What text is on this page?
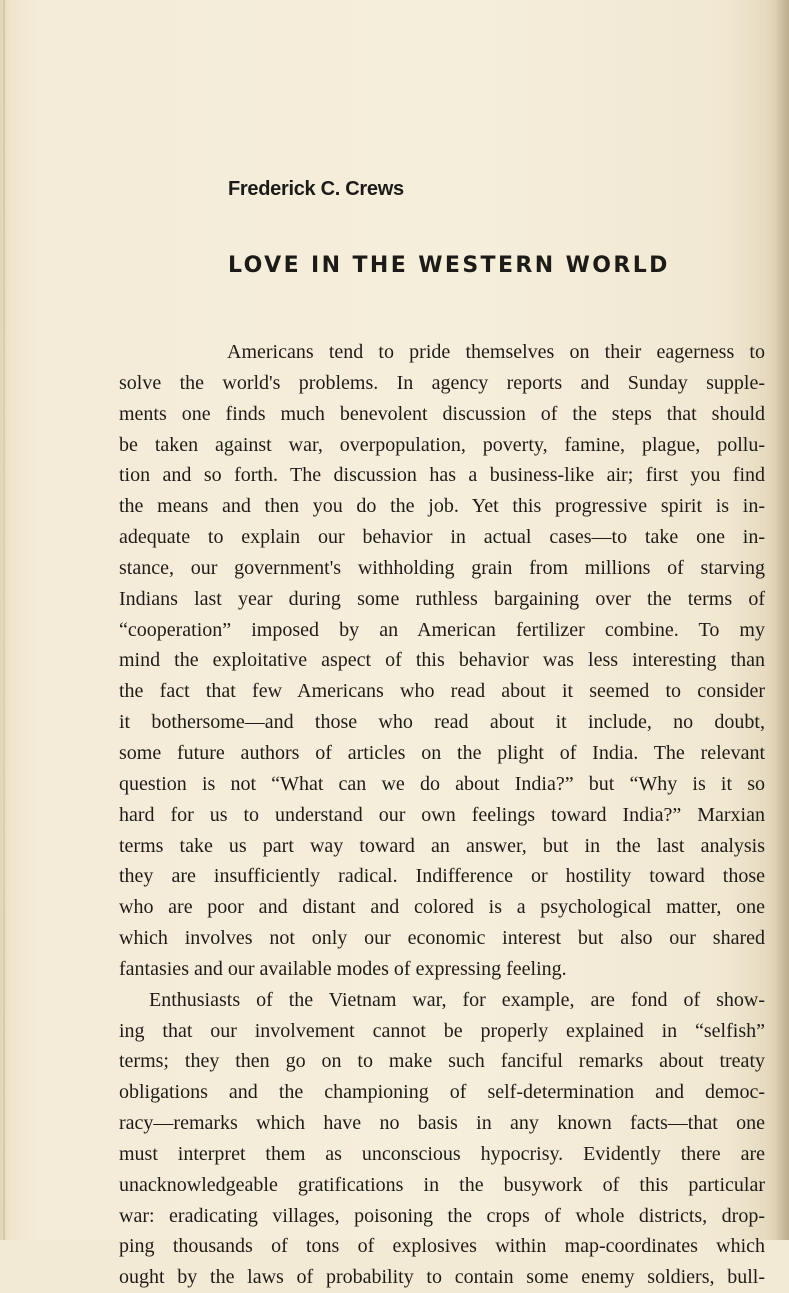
Frederick C. Crews
LOVE IN THE WESTERN WORLD
Americans tend to pride themselves on their eagerness to
solve the world's problems. In agency reports and Sunday supple-
ments one finds much benevolent discussion of the steps that should
be taken against war, overpopulation, poverty, famine, plague, pollu-
tion and so forth. The discussion has a business-like air; first you find
the means and then you do the job. Yet this progressive spirit is in-
adequate to explain our behavior in actual cases—to take one in-
stance, our government's withholding grain from millions of starving
Indians last year during some ruthless bargaining over the terms of
“cooperation” imposed by an American fertilizer combine. To my
mind the exploitative aspect of this behavior was less interesting than
the fact that few Americans who read about it seemed to consider
it bothersome—and those who read about it include, no doubt,
some future authors of articles on the plight of India. The relevant
question is not “What can we do about India?” but “Why is it so
hard for us to understand our own feelings toward India?” Marxian
terms take us part way toward an answer, but in the last analysis
they are insufficiently radical. Indifference or hostility toward those
who are poor and distant and colored is a psychological matter, one
which involves not only our economic interest but also our shared
fantasies and our available modes of expressing feeling.
Enthusiasts of the Vietnam war, for example, are fond of show-
ing that our involvement cannot be properly explained in “selfish”
terms; they then go on to make such fanciful remarks about treaty
obligations and the championing of self-determination and democ-
racy—remarks which have no basis in any known facts—that one
must interpret them as unconscious hypocrisy. Evidently there are
unacknowledgeable gratifications in the busywork of this particular
war: eradicating villages, poisoning the crops of whole districts, drop-
ping thousands of tons of explosives within map-coordinates which
ought by the laws of probability to contain some enemy soldiers, bull-
